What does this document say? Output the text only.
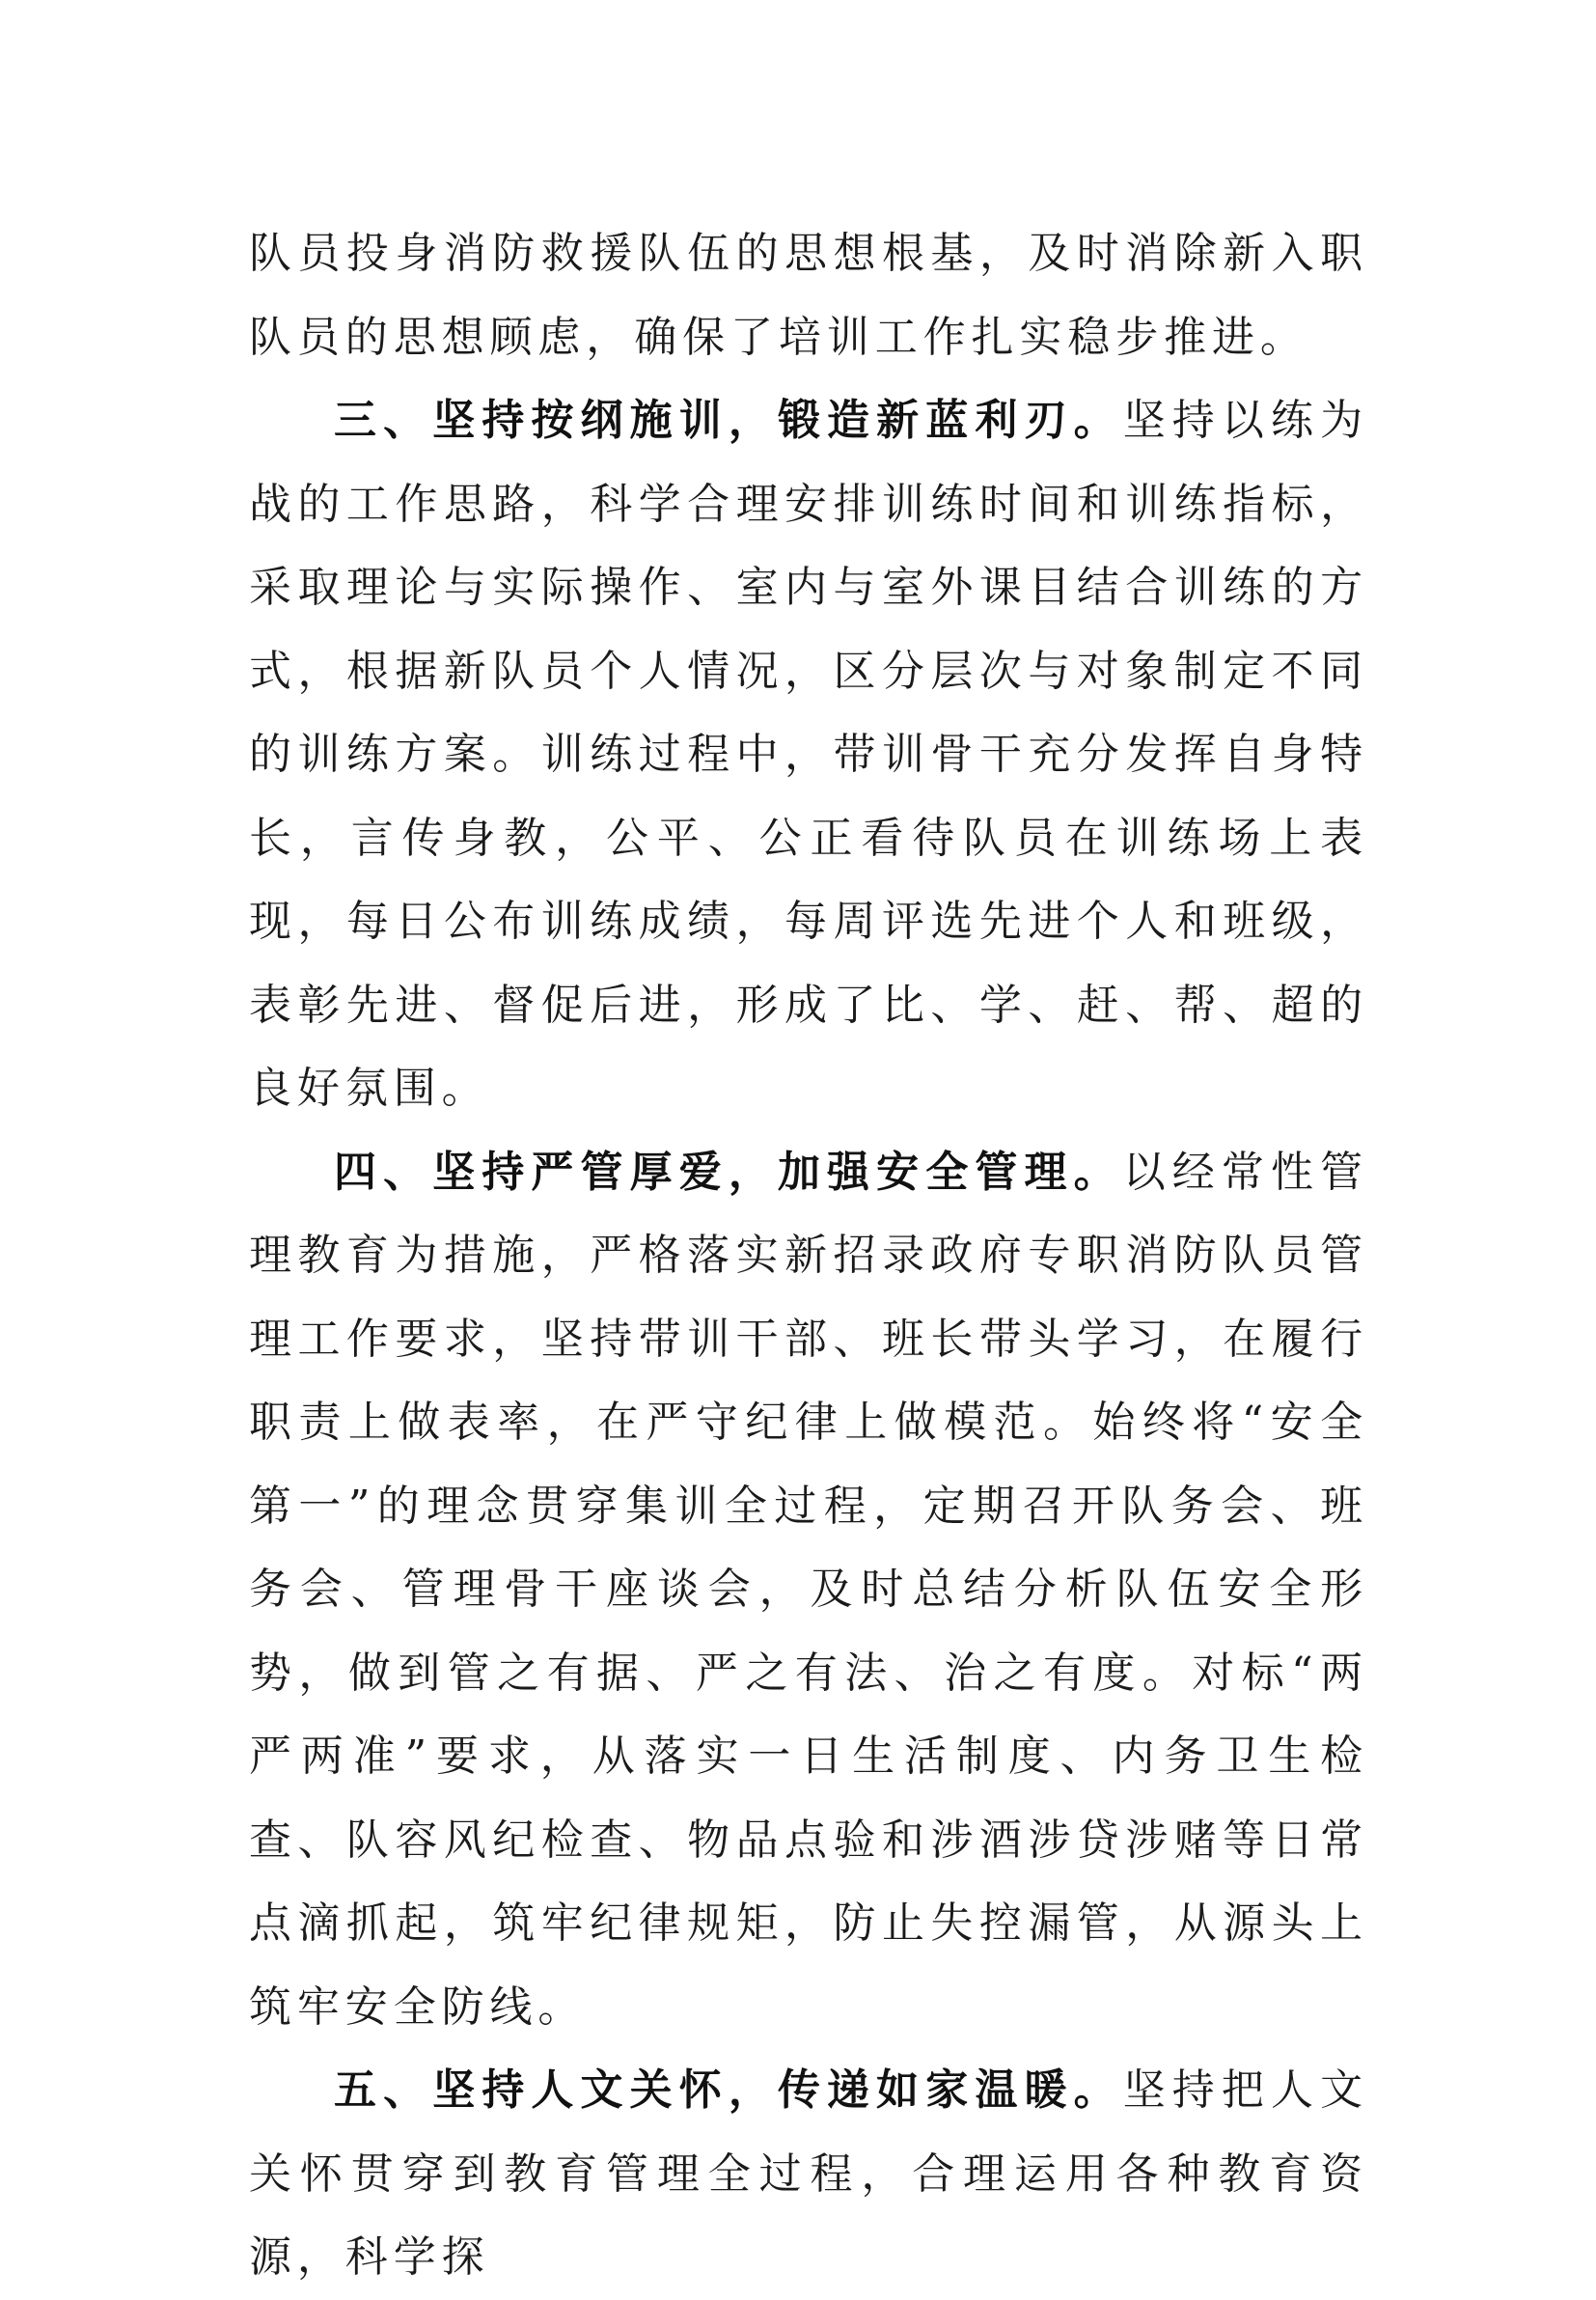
队员投身消防救援队伍的思想根基，及时消除新入职队员的思想顾虑，确保了培训工作扎实稳步推进。

三、坚持按纲施训，锻造新蓝利刃。坚持以练为战的工作思路，科学合理安排训练时间和训练指标，采取理论与实际操作、室内与室外课目结合训练的方式，根据新队员个人情况，区分层次与对象制定不同的训练方案。训练过程中，带训骨干充分发挥自身特长，言传身教，公平、公正看待队员在训练场上表现，每日公布训练成绩，每周评选先进个人和班级，表彰先进、督促后进，形成了比、学、赶、帮、超的良好氛围。

四、坚持严管厚爱，加强安全管理。以经常性管理教育为措施，严格落实新招录政府专职消防队员管理工作要求，坚持带训干部、班长带头学习，在履行职责上做表率，在严守纪律上做模范。始终将“安全第一”的理念贯穿集训全过程，定期召开队务会、班务会、管理骨干座谈会，及时总结分析队伍安全形势，做到管之有据、严之有法、治之有度。对标“两严两准”要求，从落实一日生活制度、内务卫生检查、队容风纪检查、物品点验和涉酒涉贷涉赌等日常点滴抓起，筑牢纪律规矩，防止失控漏管，从源头上筑牢安全防线。

五、坚持人文关怀，传递如家温暖。坚持把人文关怀贯穿到教育管理全过程，合理运用各种教育资源，科学探
